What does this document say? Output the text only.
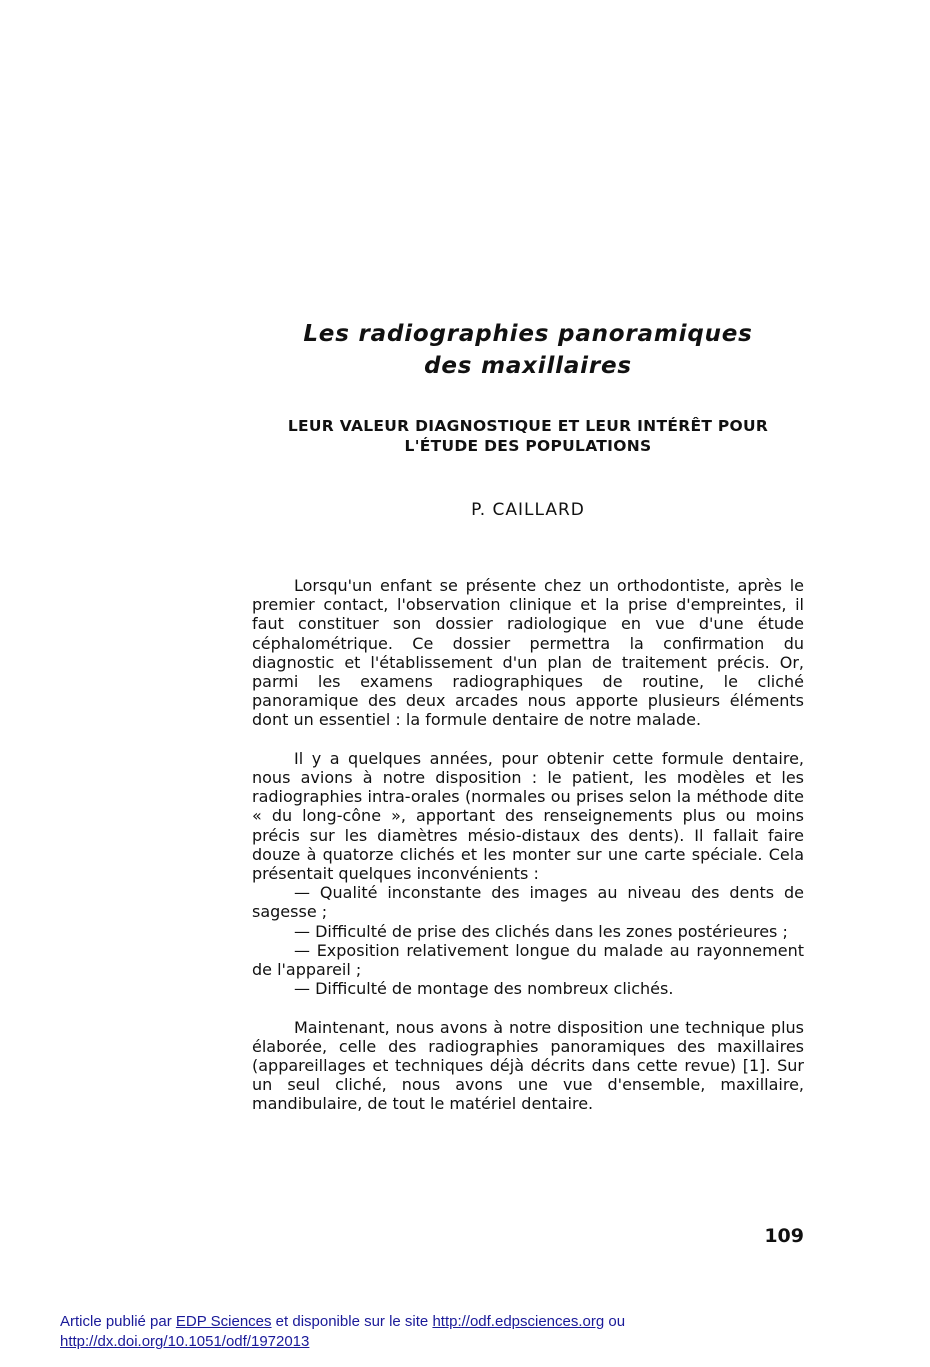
Les radiographies panoramiques
des maxillaires
LEUR VALEUR DIAGNOSTIQUE ET LEUR INTÉRÊT POUR
L'ÉTUDE DES POPULATIONS
P. CAILLARD

Lorsqu'un enfant se présente chez un orthodontiste, après le premier contact, l'observation clinique et la prise d'empreintes, il faut constituer son dossier radiologique en vue d'une étude céphalométrique. Ce dossier permettra la confirmation du diagnostic et l'établissement d'un plan de traitement précis. Or, parmi les examens radiographiques de routine, le cliché panoramique des deux arcades nous apporte plusieurs éléments dont un essentiel : la formule dentaire de notre malade.

Il y a quelques années, pour obtenir cette formule dentaire, nous avions à notre disposition : le patient, les modèles et les radiographies intra-orales (normales ou prises selon la méthode dite « du long-cône », apportant des renseignements plus ou moins précis sur les diamètres mésio-distaux des dents). Il fallait faire douze à quatorze clichés et les monter sur une carte spéciale. Cela présentait quelques inconvénients :

— Qualité inconstante des images au niveau des dents de sagesse ;

— Difficulté de prise des clichés dans les zones postérieures ;

— Exposition relativement longue du malade au rayonnement de l'appareil ;

— Difficulté de montage des nombreux clichés.

Maintenant, nous avons à notre disposition une technique plus élaborée, celle des radiographies panoramiques des maxillaires (appareillages et techniques déjà décrits dans cette revue) [1]. Sur un seul cliché, nous avons une vue d'ensemble, maxillaire, mandibulaire, de tout le matériel dentaire.

109
Article publié par EDP Sciences et disponible sur le site http://odf.edpsciences.org ou
http://dx.doi.org/10.1051/odf/1972013
